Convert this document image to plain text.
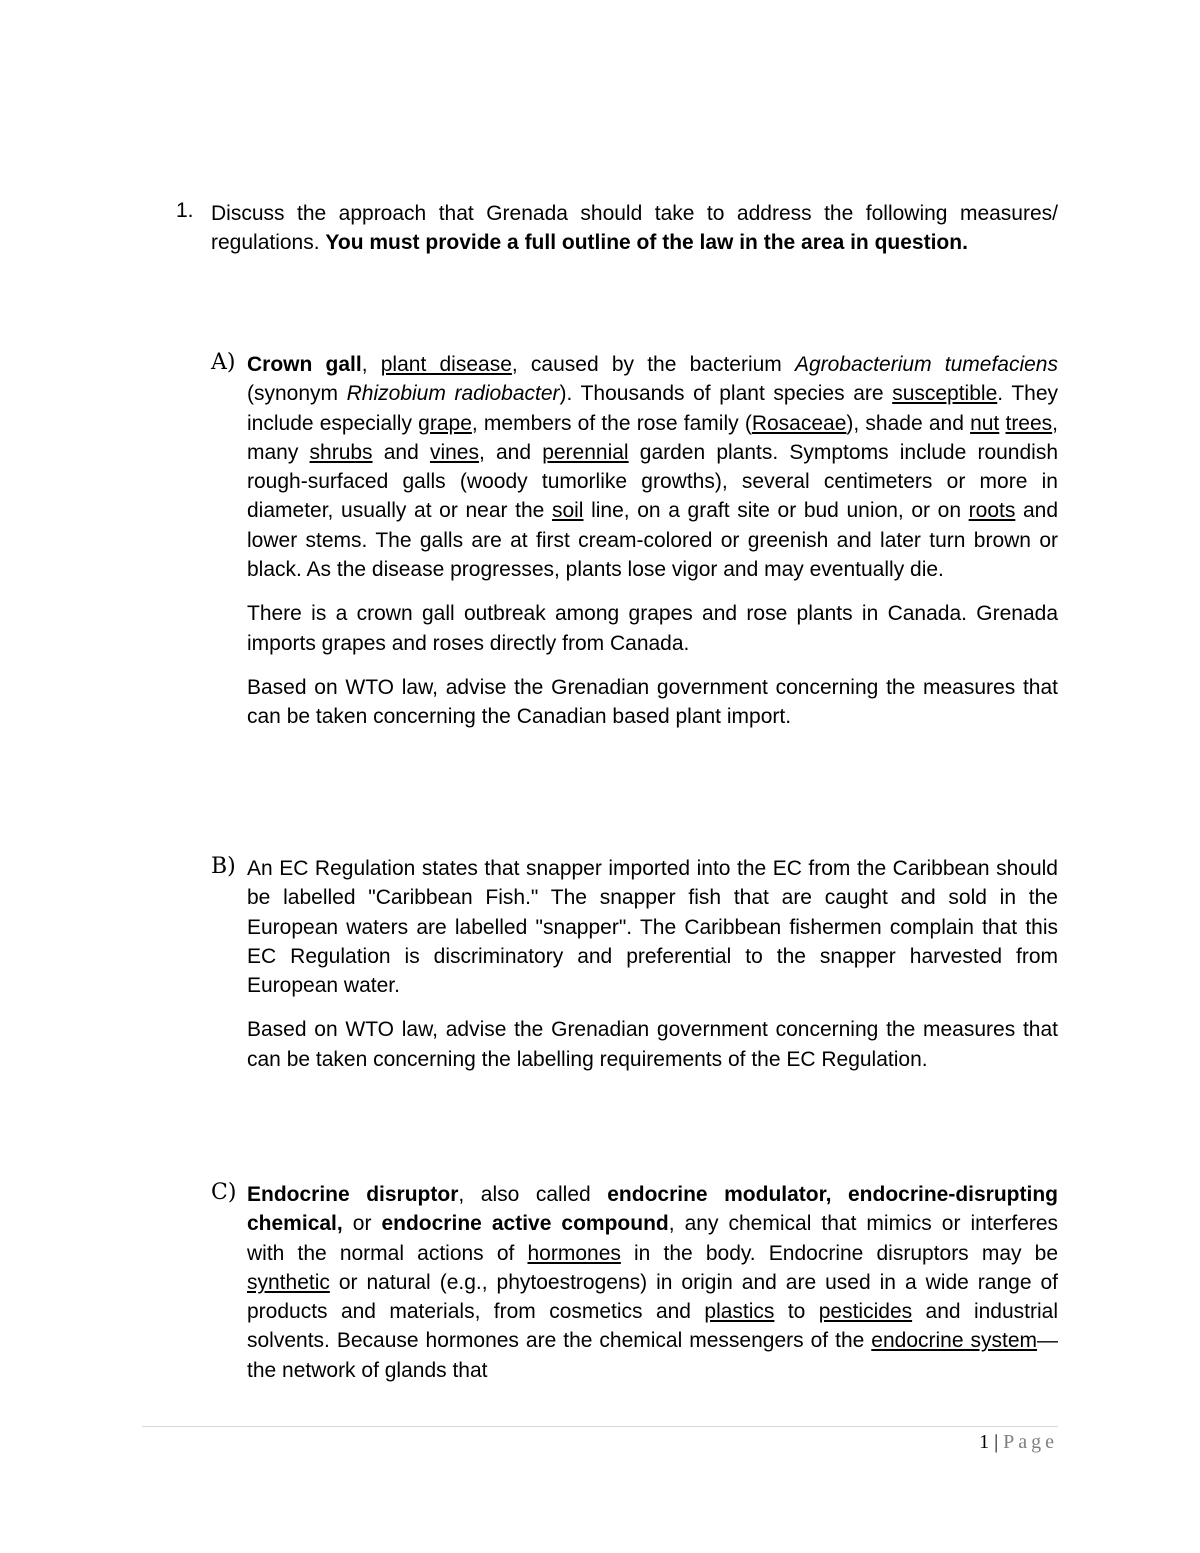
1. Discuss the approach that Grenada should take to address the following measures/ regulations. You must provide a full outline of the law in the area in question.
A) Crown gall, plant disease, caused by the bacterium Agrobacterium tumefaciens (synonym Rhizobium radiobacter). Thousands of plant species are susceptible. They include especially grape, members of the rose family (Rosaceae), shade and nut trees, many shrubs and vines, and perennial garden plants. Symptoms include roundish rough-surfaced galls (woody tumorlike growths), several centimeters or more in diameter, usually at or near the soil line, on a graft site or bud union, or on roots and lower stems. The galls are at first cream-colored or greenish and later turn brown or black. As the disease progresses, plants lose vigor and may eventually die.

There is a crown gall outbreak among grapes and rose plants in Canada. Grenada imports grapes and roses directly from Canada.

Based on WTO law, advise the Grenadian government concerning the measures that can be taken concerning the Canadian based plant import.

B) An EC Regulation states that snapper imported into the EC from the Caribbean should be labelled "Caribbean Fish." The snapper fish that are caught and sold in the European waters are labelled "snapper". The Caribbean fishermen complain that this EC Regulation is discriminatory and preferential to the snapper harvested from European water.

Based on WTO law, advise the Grenadian government concerning the measures that can be taken concerning the labelling requirements of the EC Regulation.

C) Endocrine disruptor, also called endocrine modulator, endocrine-disrupting chemical, or endocrine active compound, any chemical that mimics or interferes with the normal actions of hormones in the body. Endocrine disruptors may be synthetic or natural (e.g., phytoestrogens) in origin and are used in a wide range of products and materials, from cosmetics and plastics to pesticides and industrial solvents. Because hormones are the chemical messengers of the endocrine system—the network of glands that

1 | Page
